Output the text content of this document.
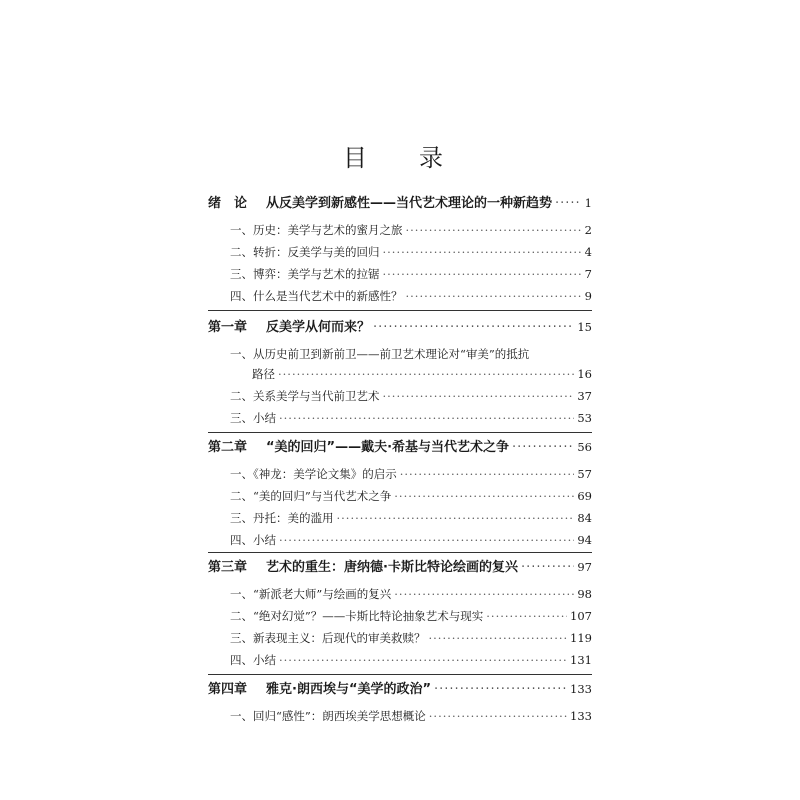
目　录
绪　论	从反美学到新感性——当代艺术理论的一种新趋势 ·····	1
一、历史：美学与艺术的蜜月之旅 ·····	2
二、转折：反美学与美的回归 ·····	4
三、博弈：美学与艺术的拉锯 ·····	7
四、什么是当代艺术中的新感性？ ·····	9
第一章	反美学从何而来？ ·····	15
一、从历史前卫到新前卫——前卫艺术理论对“审美”的抵抗
路径 ·····	16
二、关系美学与当代前卫艺术 ·····	37
三、小结 ·····	53
第二章	“美的回归”——戴夫·希基与当代艺术之争 ·····	56
一、《神龙：美学论文集》的启示 ·····	57
二、“美的回归”与当代艺术之争 ·····	69
三、丹托：美的滥用 ·····	84
四、小结 ·····	94
第三章	艺术的重生：唐纳德·卡斯比特论绘画的复兴 ·····	97
一、“新派老大师”与绘画的复兴 ·····	98
二、“绝对幻觉”？——卡斯比特论抽象艺术与现实 ·····	107
三、新表现主义：后现代的审美救赎？ ·····	119
四、小结 ·····	131
第四章	雅克·朗西埃与“美学的政治” ·····	133
一、回归“感性”：朗西埃美学思想概论 ·····	133
